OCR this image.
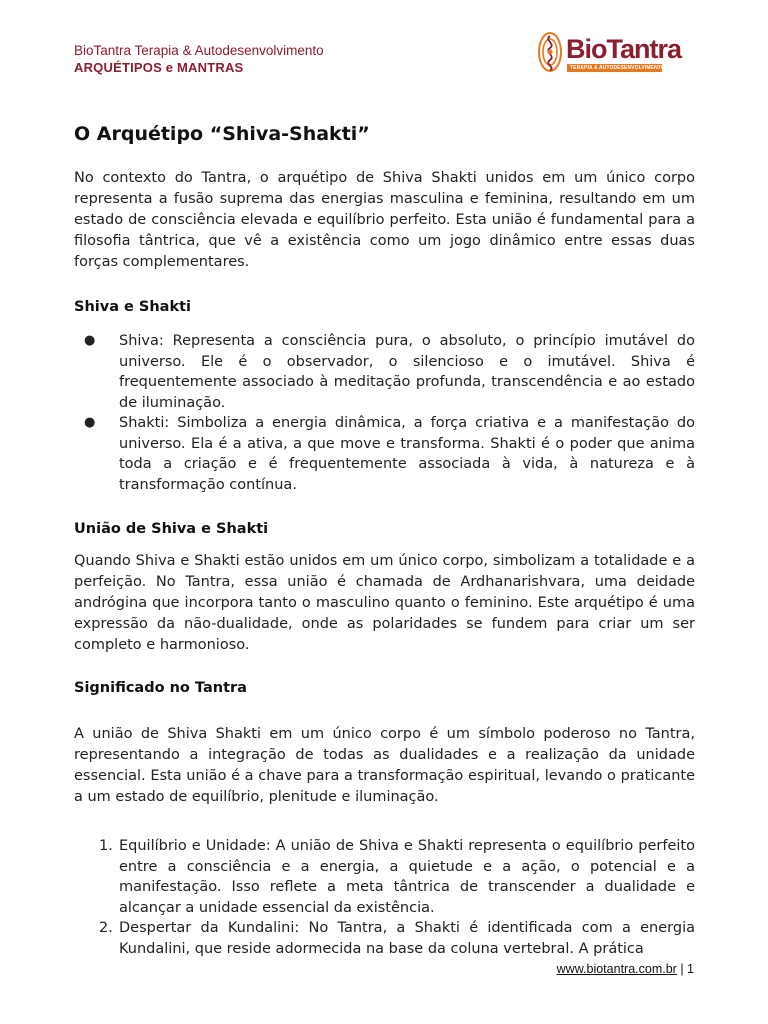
BioTantra Terapia & Autodesenvolvimento
ARQUÉTIPOS e MANTRAS
BioTantra
TERAPIA & AUTODESENVOLVIMENTO
O Arquétipo “Shiva-Shakti”

No contexto do Tantra, o arquétipo de Shiva Shakti unidos em um único corpo representa a fusão suprema das energias masculina e feminina, resultando em um estado de consciência elevada e equilíbrio perfeito. Esta união é fundamental para a filosofia tântrica, que vê a existência como um jogo dinâmico entre essas duas forças complementares.

Shiva e Shakti
● Shiva: Representa a consciência pura, o absoluto, o princípio imutável do universo. Ele é o observador, o silencioso e o imutável. Shiva é frequentemente associado à meditação profunda, transcendência e ao estado de iluminação.
● Shakti: Simboliza a energia dinâmica, a força criativa e a manifestação do universo. Ela é a ativa, a que move e transforma. Shakti é o poder que anima toda a criação e é frequentemente associada à vida, à natureza e à transformação contínua.
União de Shiva e Shakti

Quando Shiva e Shakti estão unidos em um único corpo, simbolizam a totalidade e a perfeição. No Tantra, essa união é chamada de Ardhanarishvara, uma deidade andrógina que incorpora tanto o masculino quanto o feminino. Este arquétipo é uma expressão da não-dualidade, onde as polaridades se fundem para criar um ser completo e harmonioso.

Significado no Tantra

A união de Shiva Shakti em um único corpo é um símbolo poderoso no Tantra, representando a integração de todas as dualidades e a realização da unidade essencial. Esta união é a chave para a transformação espiritual, levando o praticante a um estado de equilíbrio, plenitude e iluminação.

1. Equilíbrio e Unidade: A união de Shiva e Shakti representa o equilíbrio perfeito entre a consciência e a energia, a quietude e a ação, o potencial e a manifestação. Isso reflete a meta tântrica de transcender a dualidade e alcançar a unidade essencial da existência.
2. Despertar da Kundalini: No Tantra, a Shakti é identificada com a energia Kundalini, que reside adormecida na base da coluna vertebral. A prática
www.biotantra.com.br | 1
